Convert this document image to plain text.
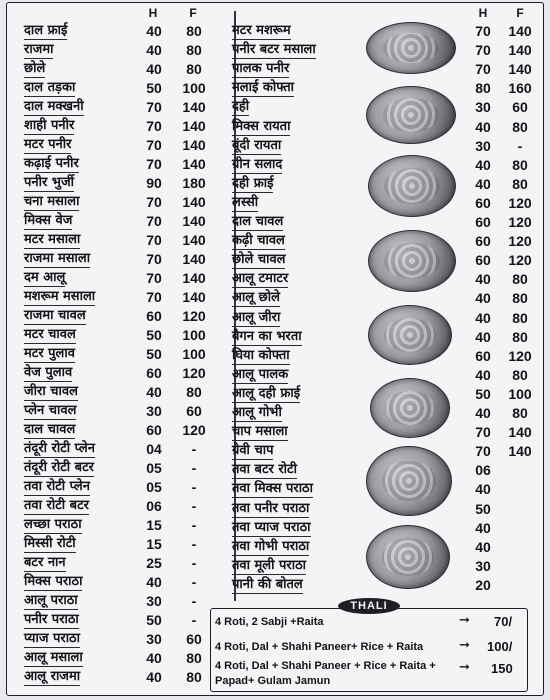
H	F	H	F
दाल फ्राई	40	80
राजमा	40	80
छोले	40	80
दाल तड़का	50	100
दाल मक्खनी	70	140
शाही पनीर	70	140
मटर पनीर	70	140
कढ़ाई पनीर	70	140
पनीर भुर्जी	90	180
चना मसाला	70	140
मिक्स वेज	70	140
मटर मसाला	70	140
राजमा मसाला	70	140
दम आलू	70	140
मशरूम मसाला	70	140
राजमा चावल	60	120
मटर चावल	50	100
मटर पुलाव	50	100
वेज पुलाव	60	120
जीरा चावल	40	80
प्लेन चावल	30	60
दाल चावल	60	120
तंदूरी रोटी प्लेन	04	-
तंदूरी रोटी बटर	05	-
तवा रोटी प्लेन	05	-
तवा रोटी बटर	06	-
लच्छा पराठा	15	-
मिस्सी रोटी	15	-
बटर नान	25	-
मिक्स पराठा	40	-
आलू पराठा	30	-
पनीर पराठा	50	-
प्याज पराठा	30	60
आलू मसाला	40	80
आलू राजमा	40	80
मटर मशरूम	70	140
पनीर बटर मसाला	70	140
पालक पनीर	70	140
मलाई कोफ्ता	80	160
दही	30	60
मिक्स रायता	40	80
बूंदी रायता	30	-
ग्रीन सलाद	40	80
दही फ्राई	40	80
लस्सी	60	120
दाल चावल	60	120
कढ़ी चावल	60	120
छोले चावल	60	120
आलू टमाटर	40	80
आलू छोले	40	80
आलू जीरा	40	80
बैगन का भरता	40	80
घिया कोफ्ता	60	120
आलू पालक	40	80
आलू दही फ्राई	50	100
आलू गोभी	40	80
चाप मसाला	70	140
ग्रेवी चाप	70	140
तवा बटर रोटी	06
तवा मिक्स पराठा	40
तवा पनीर पराठा	50
तवा प्याज पराठा	40
तवा गोभी पराठा	40
तवा मूली पराठा	30
पानी की बोतल	20
4 Roti, 2 Sabji +Raita	➞ 70/
4 Roti, Dal + Shahi Paneer+ Rice + Raita	➞ 100/
4 Roti, Dal + Shahi Paneer + Rice + Raita +
Papad+ Gulam Jamun
➞ 150
THALI
